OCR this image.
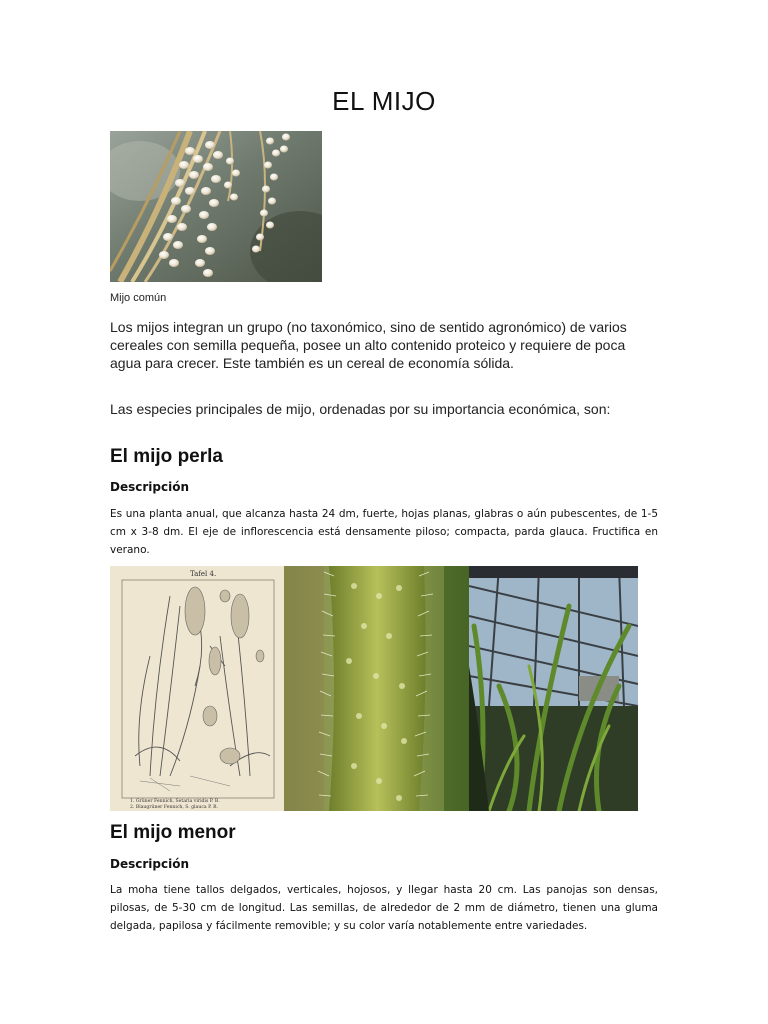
EL MIJO
Mijo común
Los mijos integran un grupo (no taxonómico, sino de sentido agronómico) de varios cereales con semilla pequeña, posee un alto contenido proteico y requiere de poca agua para crecer. Este también es un cereal de economía sólida.
Las especies principales de mijo, ordenadas por su importancia económica, son:
El mijo perla
Descripción
Es una planta anual, que alcanza hasta 24 dm, fuerte, hojas planas, glabras o aún pubescentes, de 1-5 cm x 3-8 dm. El eje de inflorescencia está densamente piloso; compacta, parda glauca. Fructifica en verano.
Tafel 4.
1. Grüner Fennich, Setaria viridis P. B.
2. Blaugrüner Fennich, S. glauca P. B.
El mijo menor
Descripción
La moha tiene tallos delgados, verticales, hojosos, y llegar hasta 20 cm. Las panojas son densas, pilosas, de 5-30 cm de longitud. Las semillas, de alrededor de 2 mm de diámetro, tienen una gluma delgada, papilosa y fácilmente removible; y su color varía notablemente entre variedades.
